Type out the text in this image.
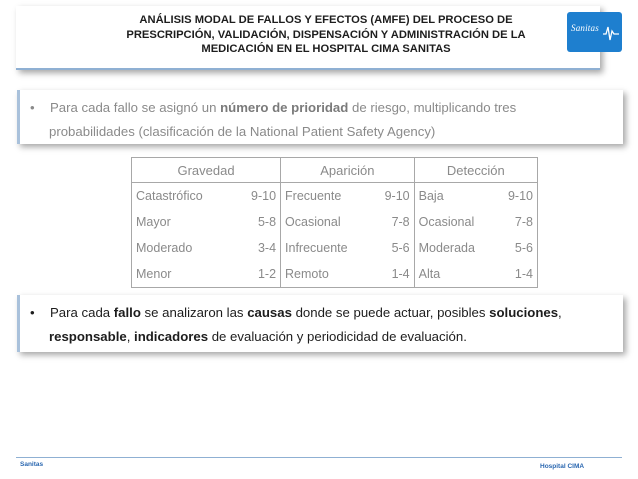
ANÁLISIS MODAL DE FALLOS Y EFECTOS (AMFE) DEL PROCESO DE
PRESCRIPCIÓN, VALIDACIÓN, DISPENSACIÓN Y ADMINISTRACIÓN DE LA
MEDICACIÓN EN EL HOSPITAL CIMA SANITAS
Sanitas
• Para cada fallo se asignó un número de prioridad de riesgo, multiplicando tres
probabilidades (clasificación de la National Patient Safety Agency)
Gravedad	Aparición	Detección

Catastrófico 9-10	Frecuente 9-10	Baja 9-10

Mayor 5-8	Ocasional 7-8	Ocasional 7-8

Moderado 3-4	Infrecuente 5-6	Moderada 5-6

Menor 1-2	Remoto 1-4	Alta 1-4
• Para cada fallo se analizaron las causas donde se puede actuar, posibles soluciones,
responsable, indicadores de evaluación y periodicidad de evaluación.
Sanitas	Hospital CIMA
